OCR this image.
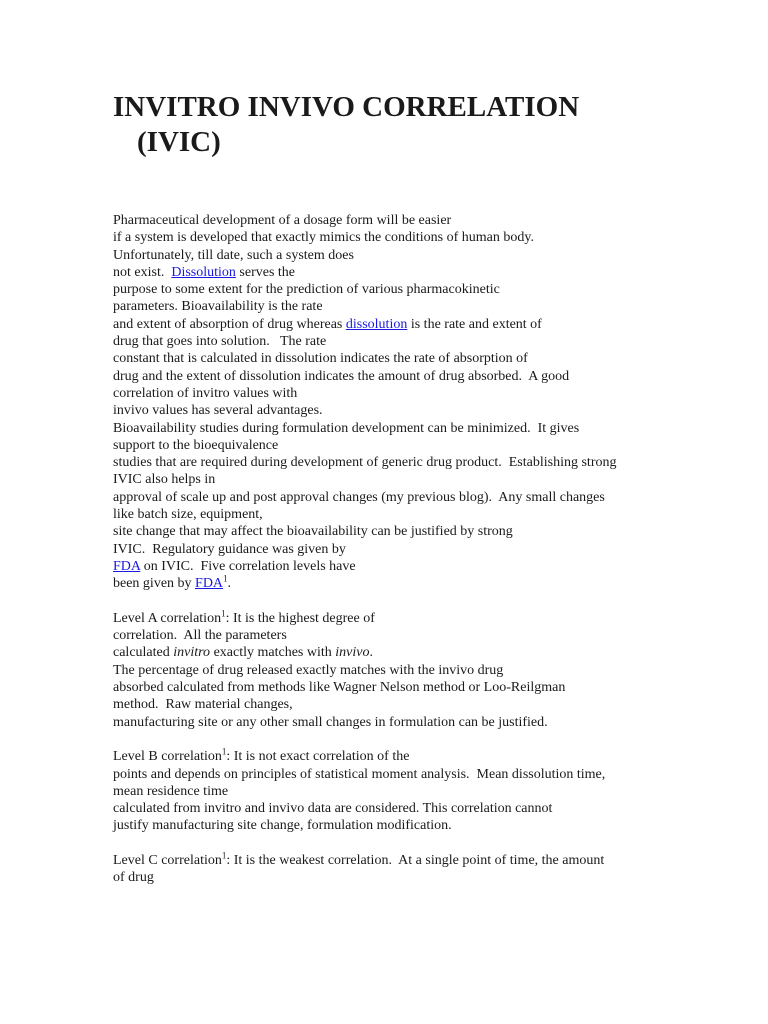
INVITRO INVIVO CORRELATION
(IVIC)
Pharmaceutical development of a dosage form will be easier
if a system is developed that exactly mimics the conditions of human body.
Unfortunately, till date, such a system does
not exist.  Dissolution serves the
purpose to some extent for the prediction of various pharmacokinetic
parameters. Bioavailability is the rate
and extent of absorption of drug whereas dissolution is the rate and extent of
drug that goes into solution.   The rate
constant that is calculated in dissolution indicates the rate of absorption of
drug and the extent of dissolution indicates the amount of drug absorbed.  A good
correlation of invitro values with
invivo values has several advantages.
Bioavailability studies during formulation development can be minimized.  It gives
support to the bioequivalence
studies that are required during development of generic drug product.  Establishing strong
IVIC also helps in
approval of scale up and post approval changes (my previous blog).  Any small changes
like batch size, equipment,
site change that may affect the bioavailability can be justified by strong
IVIC.  Regulatory guidance was given by
FDA on IVIC.  Five correlation levels have
been given by FDA$^1$.
Level A correlation$^1$: It is the highest degree of
correlation.  All the parameters
calculated invitro exactly matches with invivo.
The percentage of drug released exactly matches with the invivo drug
absorbed calculated from methods like Wagner Nelson method or Loo-Reilgman
method.  Raw material changes,
manufacturing site or any other small changes in formulation can be justified.
Level B correlation$^1$: It is not exact correlation of the
points and depends on principles of statistical moment analysis.  Mean dissolution time,
mean residence time
calculated from invitro and invivo data are considered. This correlation cannot
justify manufacturing site change, formulation modification.
Level C correlation$^1$: It is the weakest correlation.  At a single point of time, the amount
of drug
